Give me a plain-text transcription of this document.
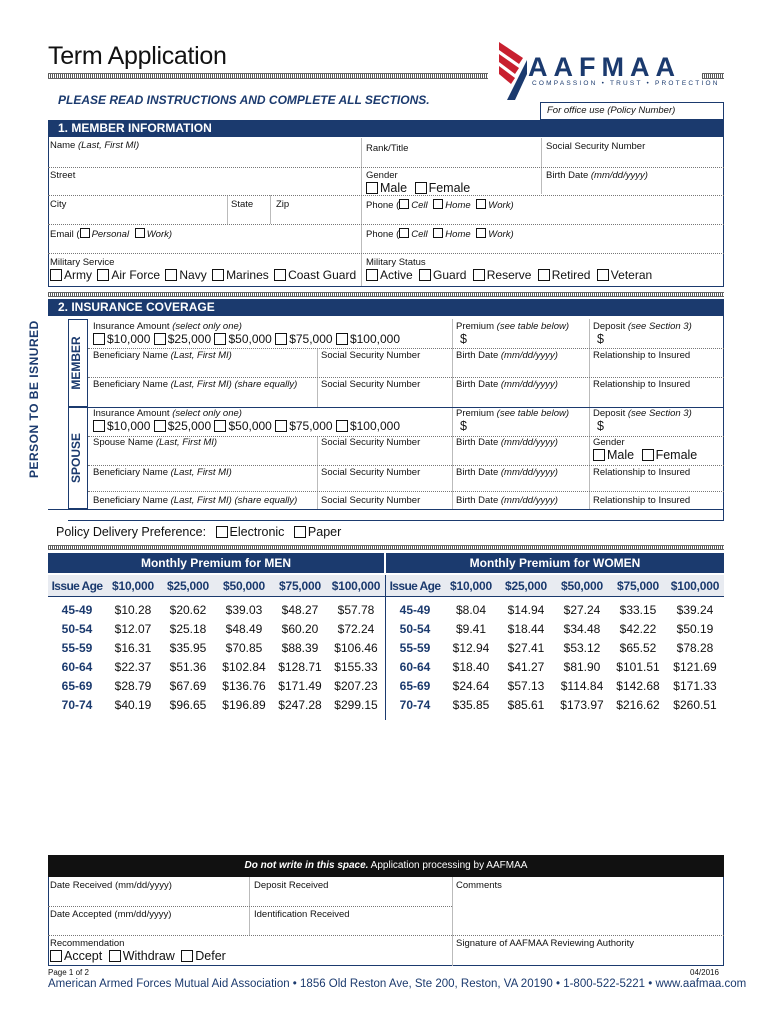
Term Application	AAFMAA
COMPASSION • TRUST • PROTECTION
PLEASE READ INSTRUCTIONS AND COMPLETE ALL SECTIONS.
For office use (Policy Number)
1. MEMBER INFORMATION
Name (Last, First MI)	Rank/Title	Social Security Number
Street	Gender
Male Female
Birth Date (mm/dd/yyyy)
City	State Zip	Phone ( Cell Home Work)
Email ( Personal Work)	Phone ( Cell Home Work)
Military Service
Army Air Force Navy Marines Coast Guard
Military Status
Active Guard Reserve Retired Veteran
2. INSURANCE COVERAGE
PERSON TO BE ISNURED	MEMBER
SPOUSE
Insurance Amount (select only one)
$10,000 $25,000 $50,000 $75,000 $100,000
Premium (see table below)
$
Deposit (see Section 3)
$
Beneficiary Name (Last, First MI)	Social Security Number	Birth Date (mm/dd/yyyy)	Relationship to Insured
Beneficiary Name (Last, First MI) (share equally) Social Security Number	Birth Date (mm/dd/yyyy)	Relationship to Insured
Insurance Amount (select only one)
$10,000 $25,000 $50,000 $75,000 $100,000
Premium (see table below)
$
Deposit (see Section 3)
$
Spouse Name (Last, First MI)	Social Security Number	Birth Date (mm/dd/yyyy)	Gender
Male Female
Beneficiary Name (Last, First MI)	Social Security Number	Birth Date (mm/dd/yyyy)	Relationship to Insured
Beneficiary Name (Last, First MI) (share equally) Social Security Number	Birth Date (mm/dd/yyyy)	Relationship to Insured
Policy Delivery Preference: Electronic Paper
Monthly Premium for MEN	Monthly Premium for WOMEN
Issue Age $10,000	$25,000	$50,000	$75,000 $100,000 Issue Age $10,000	$25,000	$50,000	$75,000 $100,000
45-49	$10.28	$20.62	$39.03	$48.27	$57.78
50-54	$12.07	$25.18	$48.49	$60.20	$72.24
55-59	$16.31	$35.95	$70.85	$88.39	$106.46
60-64	$22.37	$51.36	$102.84	$128.71	$155.33
65-69	$28.79	$67.69	$136.76	$171.49	$207.23
70-74	$40.19	$96.65	$196.89	$247.28	$299.15
45-49	$8.04	$14.94	$27.24	$33.15	$39.24
50-54	$9.41	$18.44	$34.48	$42.22	$50.19
55-59	$12.94	$27.41	$53.12	$65.52	$78.28
60-64	$18.40	$41.27	$81.90	$101.51	$121.69
65-69	$24.64	$57.13	$114.84	$142.68	$171.33
70-74	$35.85	$85.61	$173.97	$216.62	$260.51
Do not write in this space. Application processing by AAFMAA
Date Received (mm/dd/yyyy)	Deposit Received	Comments
Date Accepted (mm/dd/yyyy)	Identification Received
Recommendation
Accept Withdraw Defer
Signature of AAFMAA Reviewing Authority
Page 1 of 2	04/2016
American Armed Forces Mutual Aid Association • 1856 Old Reston Ave, Ste 200, Reston, VA 20190 • 1-800-522-5221 • www.aafmaa.com
